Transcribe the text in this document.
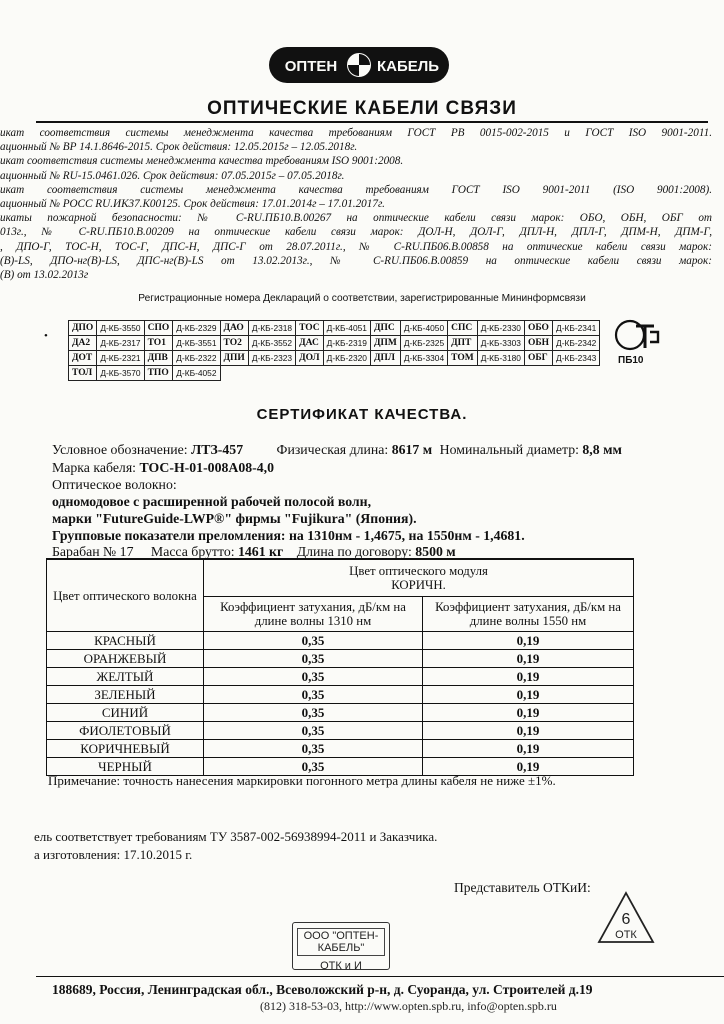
ОПТЕН	КАБЕЛЬ
ОПТИЧЕСКИЕ КАБЕЛИ СВЯЗИ
икат соответствия системы менеджмента качества требованиям ГОСТ РВ 0015-002-2015 и ГОСТ ISO 9001-2011.
ационный № ВР 14.1.8646-2015. Срок действия: 12.05.2015г – 12.05.2018г.
икат соответствия системы менеджмента качества требованиям ISO 9001:2008.
ационный № RU-15.0461.026. Срок действия: 07.05.2015г – 07.05.2018г.
икат соответствия системы менеджмента качества требованиям ГОСТ ISO 9001-2011 (ISO 9001:2008).
ационный № РОСС RU.ИК37.К00125. Срок действия: 17.01.2014г – 17.01.2017г.
икаты пожарной безопасности: № С-RU.ПБ10.В.00267 на оптические кабели связи марок: ОБО, ОБН, ОБГ от
013г., № С-RU.ПБ10.В.00209 на оптические кабели связи марок: ДОЛ-Н, ДОЛ-Г, ДПЛ-Н, ДПЛ-Г, ДПМ-Н, ДПМ-Г,
, ДПО-Г, ТОС-Н, ТОС-Г, ДПС-Н, ДПС-Г от 28.07.2011г., № С-RU.ПБ06.В.00858 на оптические кабели связи марок:
(В)-LS, ДПО-нг(В)-LS, ДПС-нг(В)-LS от 13.02.2013г., № С-RU.ПБ06.В.00859 на оптические кабели связи марок:
(В) от 13.02.2013г
Регистрационные номера Деклараций о соответствии, зарегистрированные Мининформсвязи
•
ДПО	Д-КБ-3550	СПО	Д-КБ-2329	ДАО	Д-КБ-2318	ТОС	Д-КБ-4051	ДПС	Д-КБ-4050	СПС	Д-КБ-2330	ОБО	Д-КБ-2341
ДА2	Д-КБ-2317	ТО1	Д-КБ-3551	ТО2	Д-КБ-3552	ДАС	Д-КБ-2319	ДПМ	Д-КБ-2325	ДПТ	Д-КБ-3303	ОБН	Д-КБ-2342
ДОТ	Д-КБ-2321	ДПВ	Д-КБ-2322	ДПИ	Д-КБ-2323	ДОЛ	Д-КБ-2320	ДПЛ	Д-КБ-3304	ТОМ	Д-КБ-3180	ОБГ	Д-КБ-2343
ТОЛ	Д-КБ-3570	ТПО	Д-КБ-4052										
ПБ10
СЕРТИФИКАТ КАЧЕСТВА.
Условное обозначение: ЛТЗ-457 Физическая длина: 8617 м Номинальный диаметр: 8,8 мм
Марка кабеля: ТОС-Н-01-008А08-4,0
Оптическое волокно:
одномодовое с расширенной рабочей полосой волн,
марки "FutureGuide-LWP®" фирмы "Fujikura" (Япония).
Групповые показатели преломления: на 1310нм - 1,4675, на 1550нм - 1,4681.
Барабан № 17 Масса брутто: 1461 кг Длина по договору: 8500 м
Цвет оптического волокна	Цвет оптического модуля
КОРИЧН.	

	Коэффициент затухания, дБ/км на длине волны 1310 нм	Коэффициент затухания, дБ/км на длине волны 1550 нм
КРАСНЫЙ	0,35	0,19
ОРАНЖЕВЫЙ	0,35	0,19
ЖЕЛТЫЙ	0,35	0,19
ЗЕЛЕНЫЙ	0,35	0,19
СИНИЙ	0,35	0,19
ФИОЛЕТОВЫЙ	0,35	0,19
КОРИЧНЕВЫЙ	0,35	0,19
ЧЕРНЫЙ	0,35	0,19
Примечание: точность нанесения маркировки погонного метра длины кабеля не ниже ±1%.
ель соответствует требованиям ТУ 3587-002-56938994-2011 и Заказчика.
а изготовления: 17.10.2015 г.
Представитель ОТКиИ:
ООО "ОПТЕН-КАБЕЛЬ"
ОТК и И
6
ОТК
188689, Россия, Ленинградская обл., Всеволожский р-н, д. Суоранда, ул. Строителей д.19
(812) 318-53-03, http://www.opten.spb.ru, info@opten.spb.ru
